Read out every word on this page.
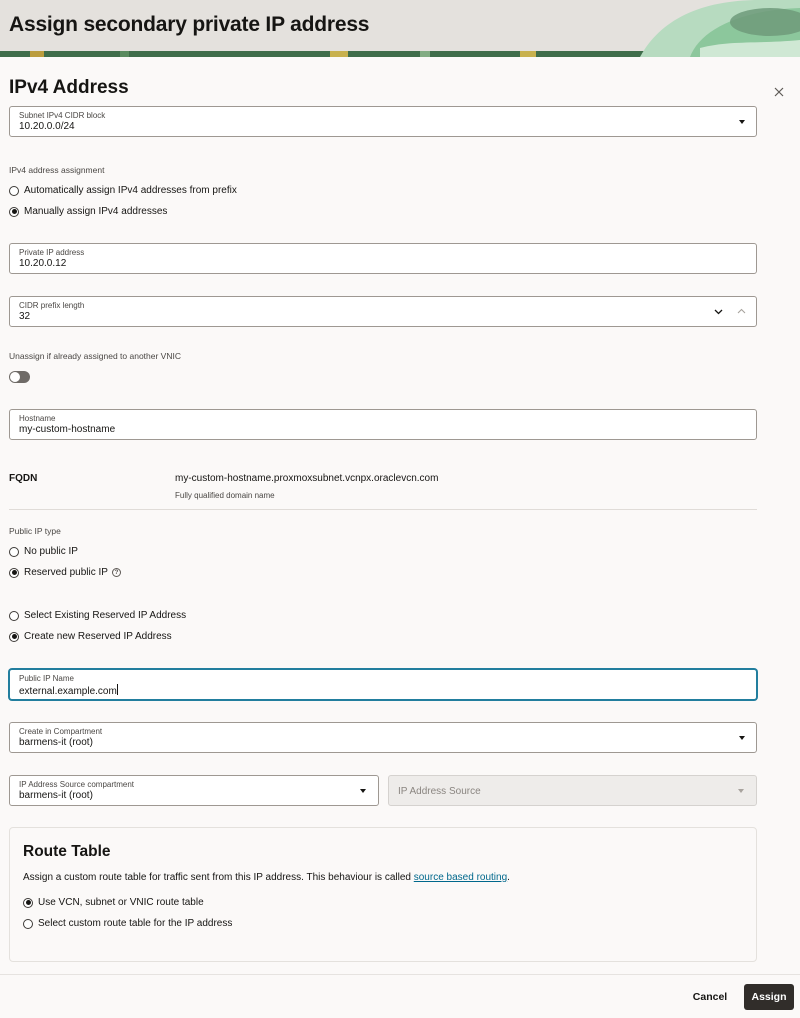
Assign secondary private IP address
IPv4 Address
Subnet IPv4 CIDR block
10.20.0.0/24
IPv4 address assignment
Automatically assign IPv4 addresses from prefix
Manually assign IPv4 addresses
Private IP address
10.20.0.12
CIDR prefix length
32
Unassign if already assigned to another VNIC
Hostname
my-custom-hostname
FQDN	my-custom-hostname.proxmoxsubnet.vcnpx.oraclevcn.com
Fully qualified domain name
Public IP type
No public IP
Reserved public IP	?
Select Existing Reserved IP Address
Create new Reserved IP Address
Public IP Name
external.example.com
Create in Compartment
barmens-it (root)
IP Address Source compartment
barmens-it (root)	IP Address Source
Route Table
Assign a custom route table for traffic sent from this IP address. This behaviour is called source based routing.
Use VCN, subnet or VNIC route table
Select custom route table for the IP address
Cancel	Assign
